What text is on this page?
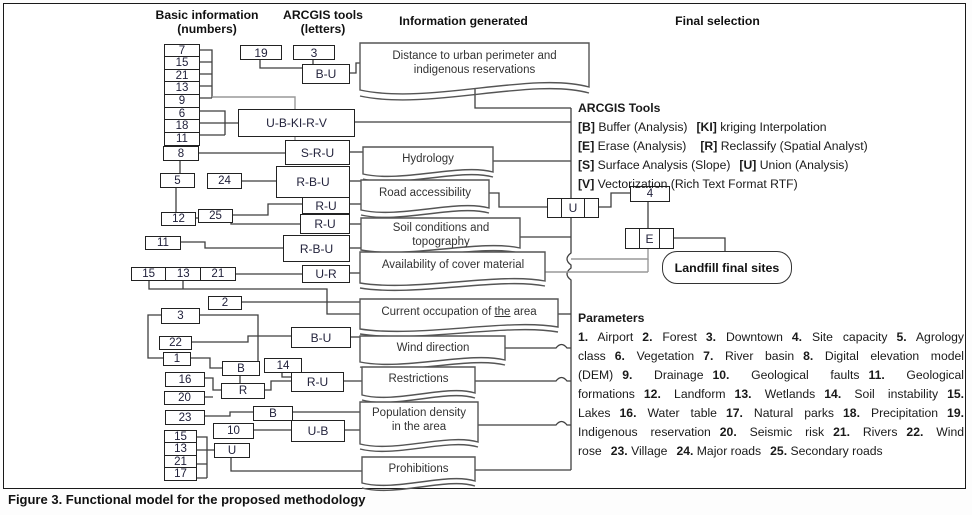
Basic information (numbers)
ARCGIS tools (letters)
Information generated	Final selection
7
15
21
13
9
6
18
11
8
5	24
25
12
11
15	13	21
2
3
22
1
B	14
16
R
20
23	B
10
U
15
13
21
17
19	3
B-U
U-B-KI-R-V
S-R-U
R-B-U
R-U
R-U
R-B-U
U-R
B-U
R-U
U-B
U
4
E
Landfill final sites
Distance to urban perimeter and indigenous reservations
Hydrology
Road accessibility
Soil conditions and topography
Availability of cover material
Current occupation of the area
Wind direction
Restrictions
Population density in the area
Prohibitions
ARCGIS Tools
[B] Buffer (Analysis) [KI] kriging Interpolation
[E] Erase (Analysis) [R] Reclassify (Spatial Analyst)
[S] Surface Analysis (Slope) [U] Union (Analysis)
[V] Vectorization (Rich Text Format RTF)
Parameters
1. Airport 2. Forest 3. Downtown 4. Site capacity 5. Agrology class 6. Vegetation 7. River basin 8. Digital elevation model (DEM) 9. Drainage 10. Geological faults 11. Geological formations 12. Landform 13. Wetlands 14. Soil instability 15. Lakes 16. Water table 17. Natural parks 18. Precipitation 19. Indigenous reservation 20. Seismic risk 21. Rivers 22. Wind rose 23. Village 24. Major roads 25. Secondary roads
Figure 3. Functional model for the proposed methodology
